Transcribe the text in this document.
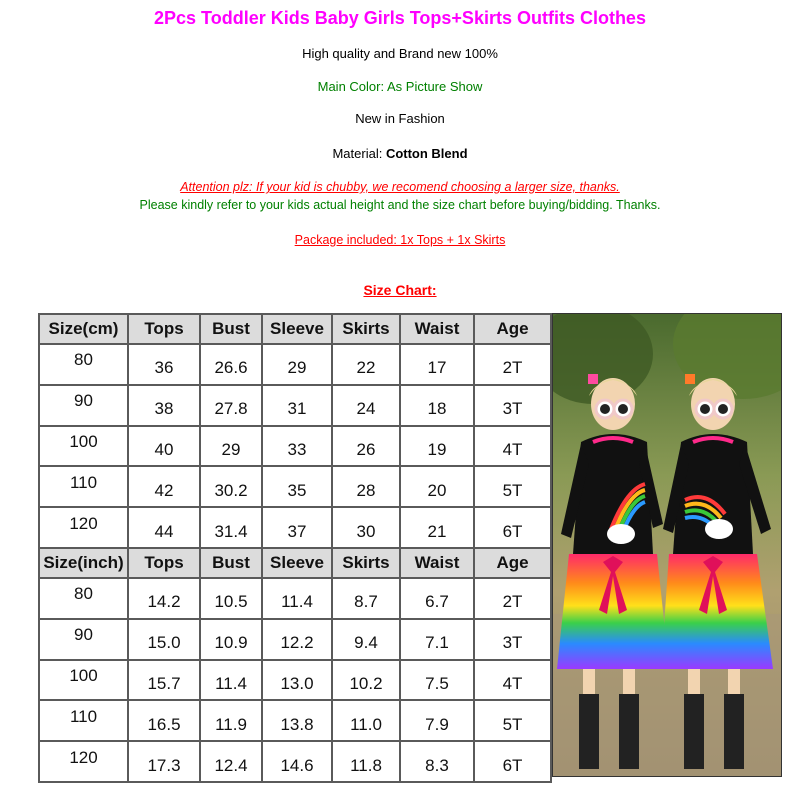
2Pcs Toddler Kids Baby Girls Tops+Skirts Outfits Clothes
High quality and Brand new 100%
Main Color: As Picture Show
New in Fashion
Material: Cotton Blend
Attention plz: If your kid is chubby, we recomend choosing a larger size, thanks.
Please kindly refer to your kids actual height and the size chart before buying/bidding. Thanks.
Package included: 1x Tops + 1x Skirts
Size Chart:
Size(cm)	Tops	Bust	Sleeve	Skirts	Waist	Age
80	36	26.6	29	22	17	2T
90	38	27.8	31	24	18	3T
100	40	29	33	26	19	4T
110	42	30.2	35	28	20	5T
120	44	31.4	37	30	21	6T
Size(inch)	Tops	Bust	Sleeve	Skirts	Waist	Age
80	14.2	10.5	11.4	8.7	6.7	2T
90	15.0	10.9	12.2	9.4	7.1	3T
100	15.7	11.4	13.0	10.2	7.5	4T
110	16.5	11.9	13.8	11.0	7.9	5T
120	17.3	12.4	14.6	11.8	8.3	6T
